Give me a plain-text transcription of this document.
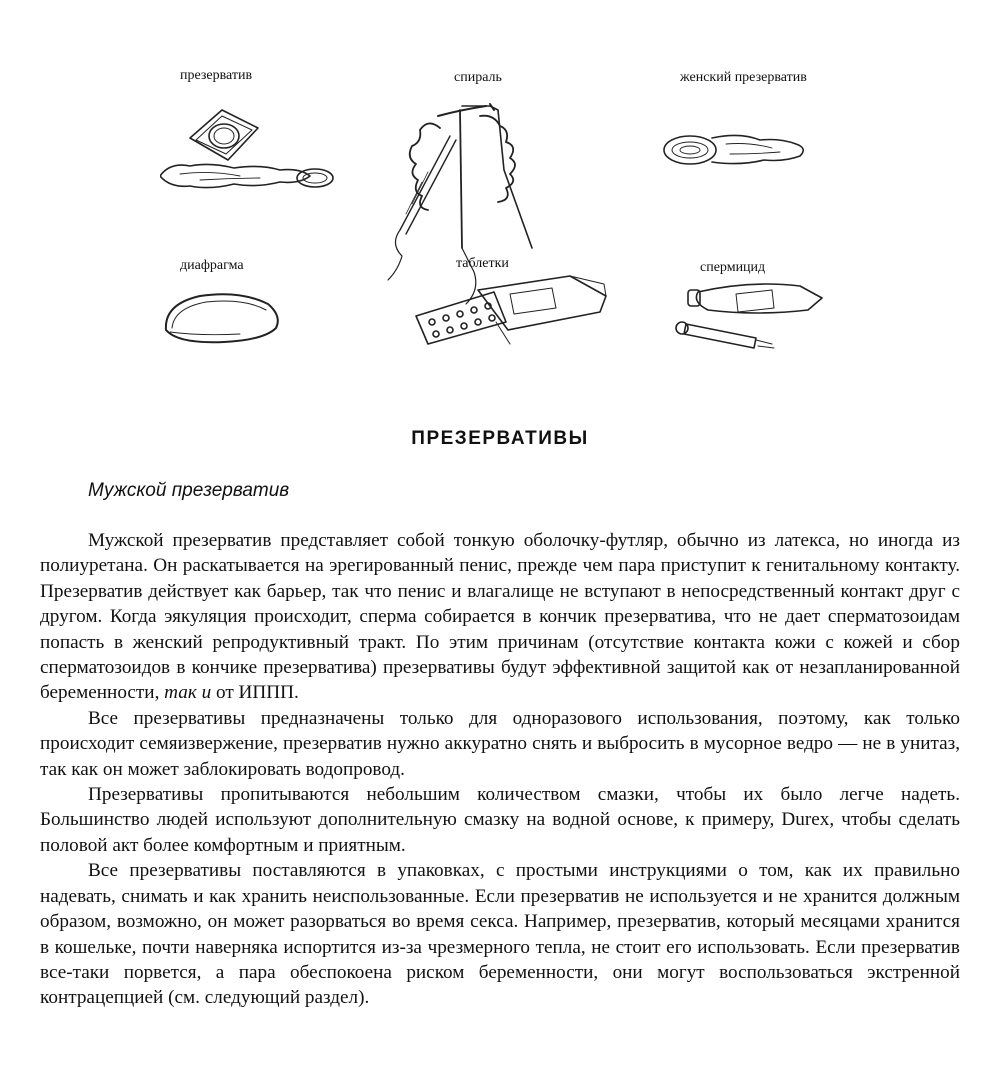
презерватив	спираль	женский презерватив
диафрагма	таблетки	спермицид
ПРЕЗЕРВАТИВЫ
Мужской презерватив

Мужской презерватив представляет собой тонкую оболочку-футляр, обычно из латекса, но иногда из полиуретана. Он раскатывается на эрегированный пенис, прежде чем пара приступит к генитальному контакту. Презерватив действует как барьер, так что пенис и влагалище не вступают в непосредственный контакт друг с другом. Когда эякуляция происходит, сперма собирается в кончик презерватива, что не дает сперматозоидам попасть в женский репродуктивный тракт. По этим причинам (отсутствие контакта кожи с кожей и сбор сперматозоидов в кончике презерватива) презервативы будут эффективной защитой как от незапланированной беременности, так и от ИППП.

Все презервативы предназначены только для одноразового использования, поэтому, как только происходит семяизвержение, презерватив нужно аккуратно снять и выбросить в мусорное ведро — не в унитаз, так как он может заблокировать водопровод.

Презервативы пропитываются небольшим количеством смазки, чтобы их было легче надеть. Большинство людей используют дополнительную смазку на водной основе, к примеру, Durex, чтобы сделать половой акт более комфортным и приятным.

Все презервативы поставляются в упаковках, с простыми инструкциями о том, как их правильно надевать, снимать и как хранить неиспользованные. Если презерватив не используется и не хранится должным образом, возможно, он может разорваться во время секса. Например, презерватив, который месяцами хранится в кошельке, почти наверняка испортится из-за чрезмерного тепла, не стоит его использовать. Если презерватив все-таки порвется, а пара обеспокоена риском беременности, они могут воспользоваться экстренной контрацепцией (см. следующий раздел).
